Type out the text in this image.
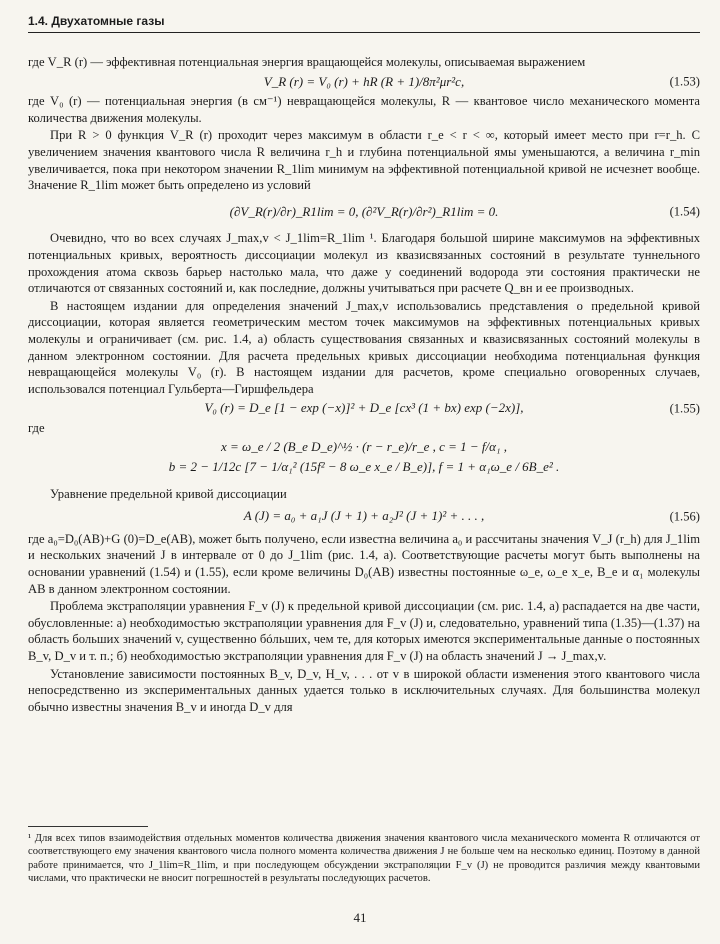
1.4. Двухатомные газы

где V_R (r) — эффективная потенциальная энергия вращающейся молекулы, описываемая выражением

V_R (r) = V₀ (r) + hR (R + 1)/8π²μr²c,	(1.53)

где V₀ (r) — потенциальная энергия (в см⁻¹) невращающейся молекулы, R — квантовое число механического момента количества движения молекулы.

При R > 0 функция V_R (r) проходит через максимум в области r_e < r < ∞, который имеет место при r=r_h. С увеличением значения квантового числа R величина r_h и глубина потенциальной ямы уменьшаются, а величина r_min увеличивается, пока при некотором значении R_1lim минимум на эффективной потенциальной кривой не исчезнет вообще. Значение R_1lim может быть определено из условий

(∂V_R(r)/∂r)_R1lim = 0, (∂²V_R(r)/∂r²)_R1lim = 0.	(1.54)

Очевидно, что во всех случаях J_max,v < J_1lim=R_1lim ¹. Благодаря большой ширине максимумов на эффективных потенциальных кривых, вероятность диссоциации молекул из квазисвязанных состояний в результате туннельного прохождения атома сквозь барьер настолько мала, что даже у соединений водорода эти состояния практически не отличаются от связанных состояний и, как последние, должны учитываться при расчете Q_вн и ее производных.

В настоящем издании для определения значений J_max,v использовались представления о предельной кривой диссоциации, которая является геометрическим местом точек максимумов на эффективных потенциальных кривых молекулы и ограничивает (см. рис. 1.4, а) область существования связанных и квазисвязанных состояний молекулы в данном электронном состоянии. Для расчета предельных кривых диссоциации необходима потенциальная функция невращающейся молекулы V₀ (r). В настоящем издании для расчетов, кроме специально оговоренных случаев, использовался потенциал Гульберта—Гиршфельдера

V₀ (r) = D_e [1 − exp (−x)]² + D_e [cx³ (1 + bx) exp (−2x)],	(1.55)

где

x = ω_e / 2 (B_e D_e)^½ · (r − r_e)/r_e , c = 1 − f/α₁ ,
b = 2 − 1/12c [7 − 1/α₁² (15f² − 8 ω_e x_e / B_e)], f = 1 + α₁ω_e / 6B_e² .

Уравнение предельной кривой диссоциации

A (J) = a₀ + a₁J (J + 1) + a₂J² (J + 1)² + . . . ,	(1.56)

где a₀=D₀(AB)+G (0)=D_e(AB), может быть получено, если известна величина a₀ и рассчитаны значения V_J (r_h) для J_1lim и нескольких значений J в интервале от 0 до J_1lim (рис. 1.4, а). Соответствующие расчеты могут быть выполнены на основании уравнений (1.54) и (1.55), если кроме величины D₀(AB) известны постоянные ω_e, ω_e x_e, B_e и α₁ молекулы AB в данном электронном состоянии.

Проблема экстраполяции уравнения F_v (J) к предельной кривой диссоциации (см. рис. 1.4, а) распадается на две части, обусловленные: а) необходимостью экстраполяции уравнения для F_v (J) и, следовательно, уравнений типа (1.35)—(1.37) на область больших значений v, существенно бóльших, чем те, для которых имеются экспериментальные данные о постоянных B_v, D_v и т. п.; б) необходимостью экстраполяции уравнения для F_v (J) на область значений J → J_max,v.

Установление зависимости постоянных B_v, D_v, H_v, . . . от v в широкой области изменения этого квантового числа непосредственно из экспериментальных данных удается только в исключительных случаях. Для большинства молекул обычно известны значения B_v и иногда D_v для

¹ Для всех типов взаимодействия отдельных моментов количества движения значения квантового числа механического момента R отличаются от соответствующего ему значения квантового числа полного момента количества движения J не больше чем на несколько единиц. Поэтому в данной работе принимается, что J_1lim=R_1lim, и при последующем обсуждении экстраполяции F_v (J) не проводится различия между квантовыми числами, что практически не вносит погрешностей в результаты последующих расчетов.

41
